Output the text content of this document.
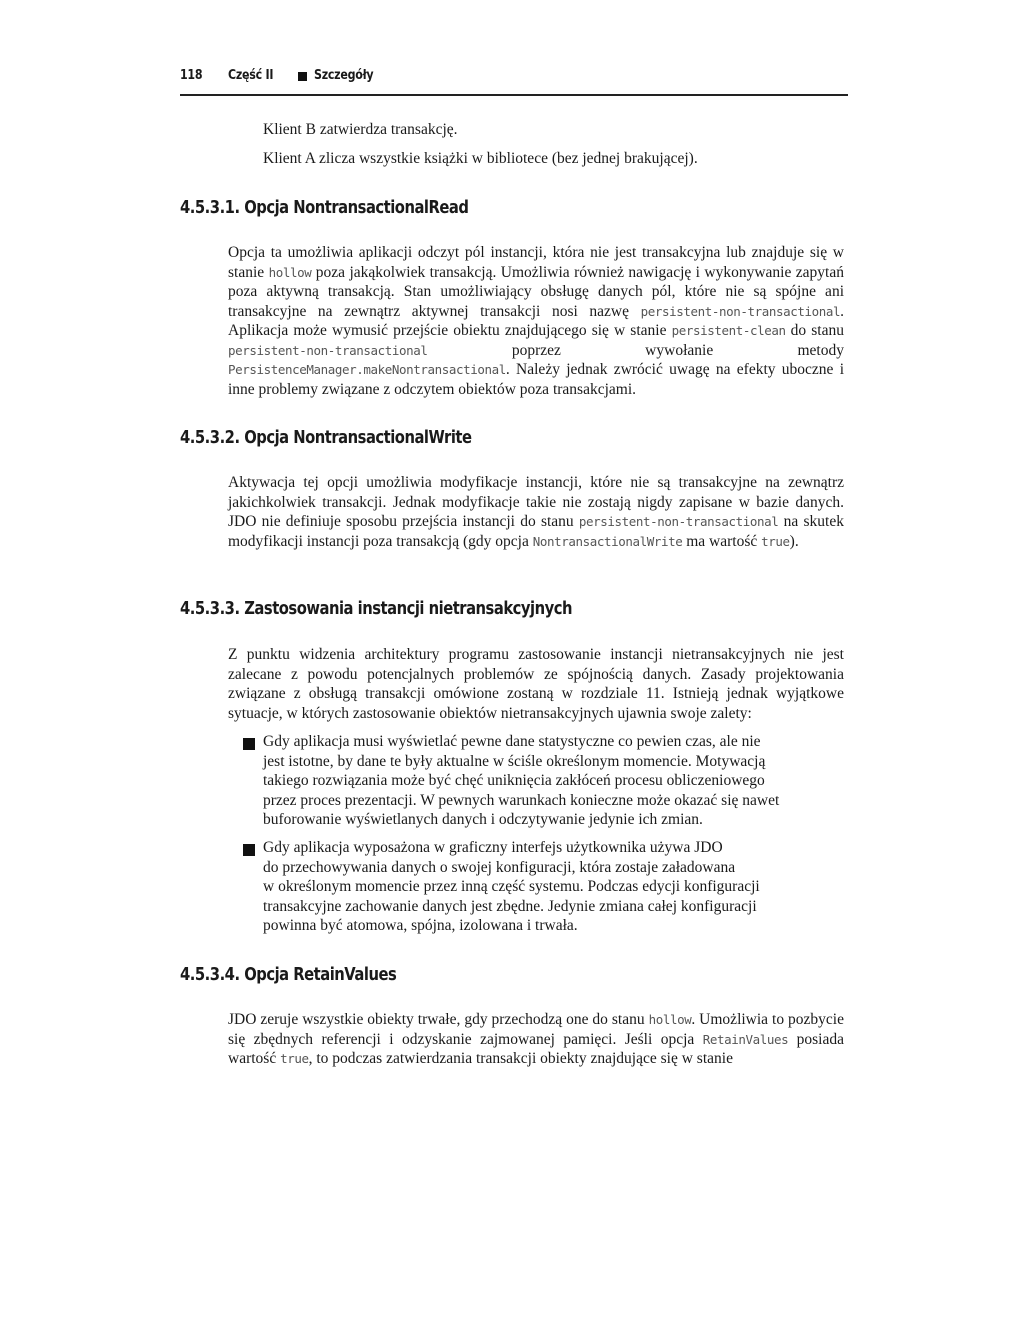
118 Część II	Szczegóły

Klient B zatwierdza transakcję.

Klient A zlicza wszystkie książki w bibliotece (bez jednej brakującej).

4.5.3.1. Opcja NontransactionalRead

Opcja ta umożliwia aplikacji odczyt pól instancji, która nie jest transakcyjna lub znajduje się w stanie hollow poza jakąkolwiek transakcją. Umożliwia również nawigację i wykonywanie zapytań poza aktywną transakcją. Stan umożliwiający obsługę danych pól, które nie są spójne ani transakcyjne na zewnątrz aktywnej transakcji nosi nazwę persistent-non-transactional. Aplikacja może wymusić przejście obiektu znajdującego się w stanie persistent-clean do stanu persistent-non-transactional poprzez wywołanie metody PersistenceManager.makeNontransactional. Należy jednak zwrócić uwagę na efekty uboczne i inne problemy związane z odczytem obiektów poza transakcjami.

4.5.3.2. Opcja NontransactionalWrite

Aktywacja tej opcji umożliwia modyfikacje instancji, które nie są transakcyjne na zewnątrz jakichkolwiek transakcji. Jednak modyfikacje takie nie zostają nigdy zapisane w bazie danych. JDO nie definiuje sposobu przejścia instancji do stanu persistent-non-transactional na skutek modyfikacji instancji poza transakcją (gdy opcja NontransactionalWrite ma wartość true).

4.5.3.3. Zastosowania instancji nietransakcyjnych

Z punktu widzenia architektury programu zastosowanie instancji nietransakcyjnych nie jest zalecane z powodu potencjalnych problemów ze spójnością danych. Zasady projektowania związane z obsługą transakcji omówione zostaną w rozdziale 11. Istnieją jednak wyjątkowe sytuacje, w których zastosowanie obiektów nietransakcyjnych ujawnia swoje zalety:

Gdy aplikacja musi wyświetlać pewne dane statystyczne co pewien czas, ale nie
jest istotne, by dane te były aktualne w ściśle określonym momencie. Motywacją
takiego rozwiązania może być chęć uniknięcia zakłóceń procesu obliczeniowego
przez proces prezentacji. W pewnych warunkach konieczne może okazać się nawet
buforowanie wyświetlanych danych i odczytywanie jedynie ich zmian.
Gdy aplikacja wyposażona w graficzny interfejs użytkownika używa JDO
do przechowywania danych o swojej konfiguracji, która zostaje załadowana
w określonym momencie przez inną część systemu. Podczas edycji konfiguracji
transakcyjne zachowanie danych jest zbędne. Jedynie zmiana całej konfiguracji
powinna być atomowa, spójna, izolowana i trwała.
4.5.3.4. Opcja RetainValues

JDO zeruje wszystkie obiekty trwałe, gdy przechodzą one do stanu hollow. Umożliwia to pozbycie się zbędnych referencji i odzyskanie zajmowanej pamięci. Jeśli opcja RetainValues posiada wartość true, to podczas zatwierdzania transakcji obiekty znajdujące się w stanie
